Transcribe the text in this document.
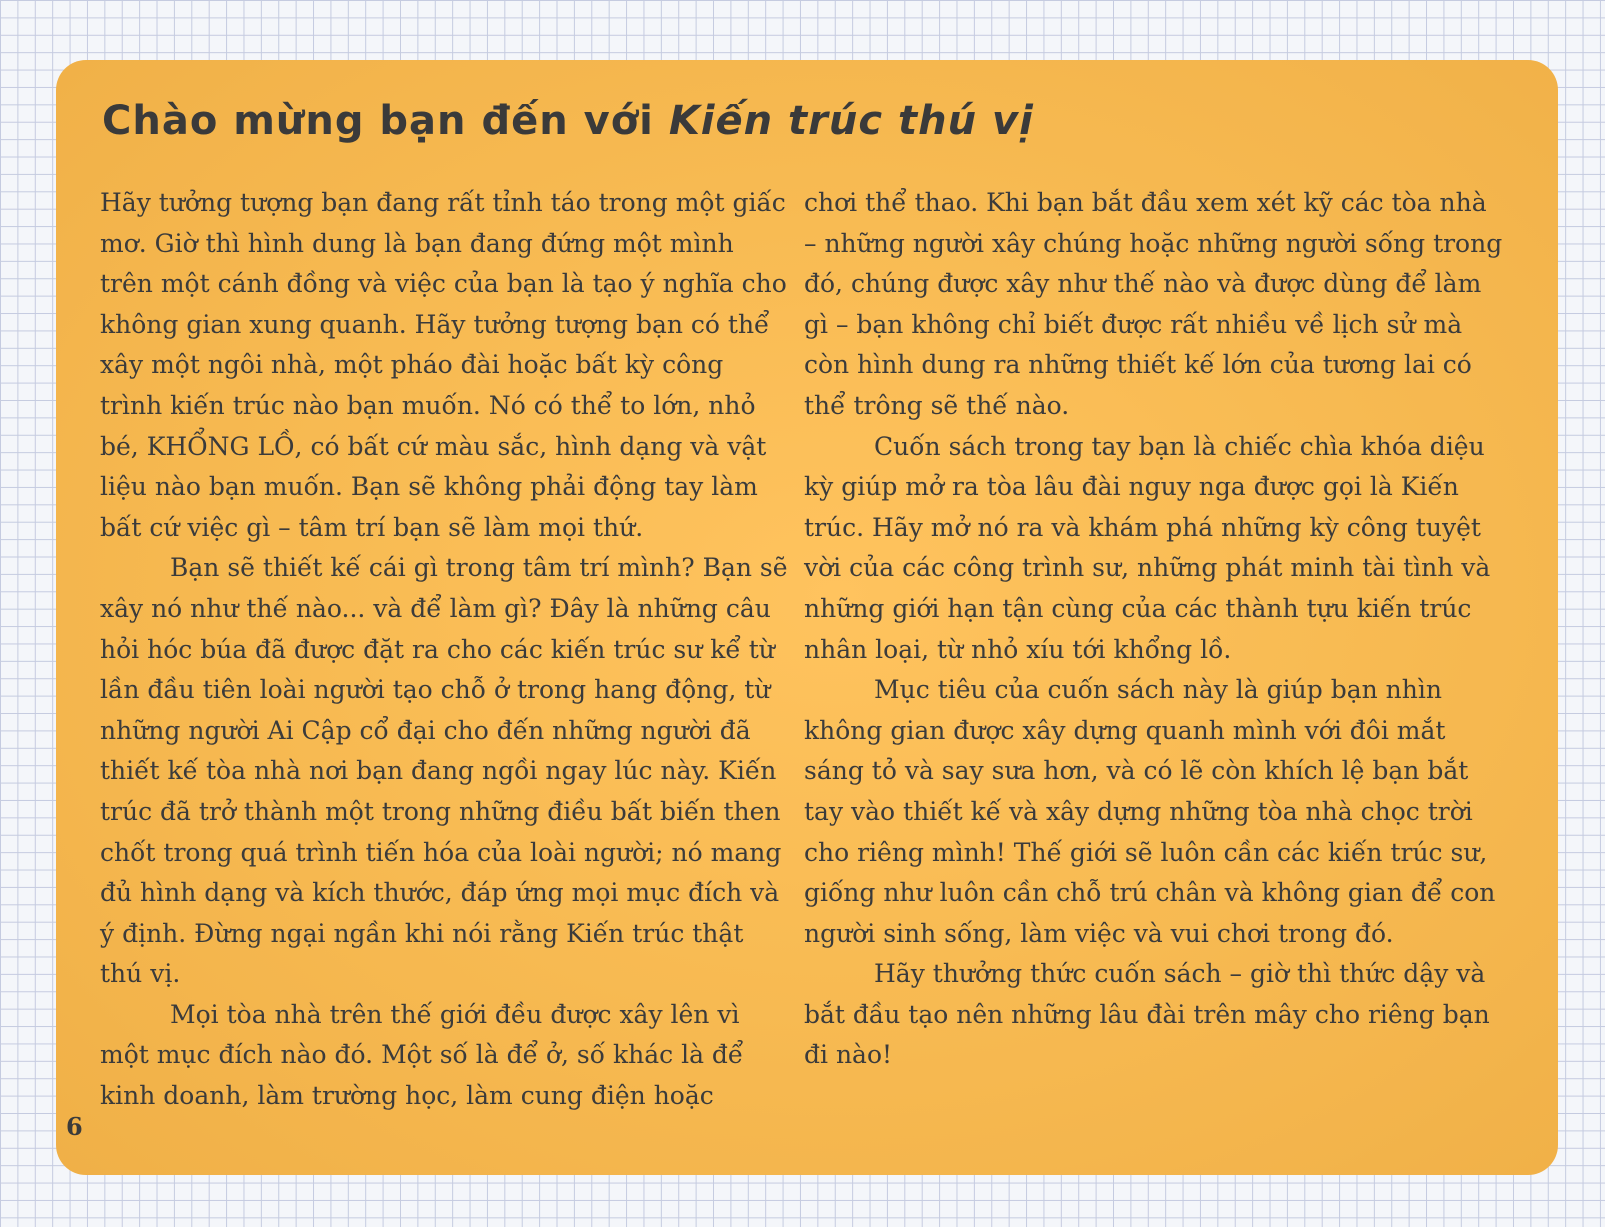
Chào mừng bạn đến với Kiến trúc thú vị

Hãy tưởng tượng bạn đang rất tỉnh táo trong một giấc mơ. Giờ thì hình dung là bạn đang đứng một mình trên một cánh đồng và việc của bạn là tạo ý nghĩa cho không gian xung quanh. Hãy tưởng tượng bạn có thể xây một ngôi nhà, một pháo đài hoặc bất kỳ công trình kiến trúc nào bạn muốn. Nó có thể to lớn, nhỏ bé, KHỔNG LỒ, có bất cứ màu sắc, hình dạng và vật liệu nào bạn muốn. Bạn sẽ không phải động tay làm bất cứ việc gì – tâm trí bạn sẽ làm mọi thứ.

Bạn sẽ thiết kế cái gì trong tâm trí mình? Bạn sẽ xây nó như thế nào... và để làm gì? Đây là những câu hỏi hóc búa đã được đặt ra cho các kiến trúc sư kể từ lần đầu tiên loài người tạo chỗ ở trong hang động, từ những người Ai Cập cổ đại cho đến những người đã thiết kế tòa nhà nơi bạn đang ngồi ngay lúc này. Kiến trúc đã trở thành một trong những điều bất biến then chốt trong quá trình tiến hóa của loài người; nó mang đủ hình dạng và kích thước, đáp ứng mọi mục đích và ý định. Đừng ngại ngần khi nói rằng Kiến trúc thật thú vị.

Mọi tòa nhà trên thế giới đều được xây lên vì một mục đích nào đó. Một số là để ở, số khác là để kinh doanh, làm trường học, làm cung điện hoặc

chơi thể thao. Khi bạn bắt đầu xem xét kỹ các tòa nhà – những người xây chúng hoặc những người sống trong đó, chúng được xây như thế nào và được dùng để làm gì – bạn không chỉ biết được rất nhiều về lịch sử mà còn hình dung ra những thiết kế lớn của tương lai có thể trông sẽ thế nào.

Cuốn sách trong tay bạn là chiếc chìa khóa diệu kỳ giúp mở ra tòa lâu đài nguy nga được gọi là Kiến trúc. Hãy mở nó ra và khám phá những kỳ công tuyệt vời của các công trình sư, những phát minh tài tình và những giới hạn tận cùng của các thành tựu kiến trúc nhân loại, từ nhỏ xíu tới khổng lồ.

Mục tiêu của cuốn sách này là giúp bạn nhìn không gian được xây dựng quanh mình với đôi mắt sáng tỏ và say sưa hơn, và có lẽ còn khích lệ bạn bắt tay vào thiết kế và xây dựng những tòa nhà chọc trời cho riêng mình! Thế giới sẽ luôn cần các kiến trúc sư, giống như luôn cần chỗ trú chân và không gian để con người sinh sống, làm việc và vui chơi trong đó.

Hãy thưởng thức cuốn sách – giờ thì thức dậy và bắt đầu tạo nên những lâu đài trên mây cho riêng bạn đi nào!

6
